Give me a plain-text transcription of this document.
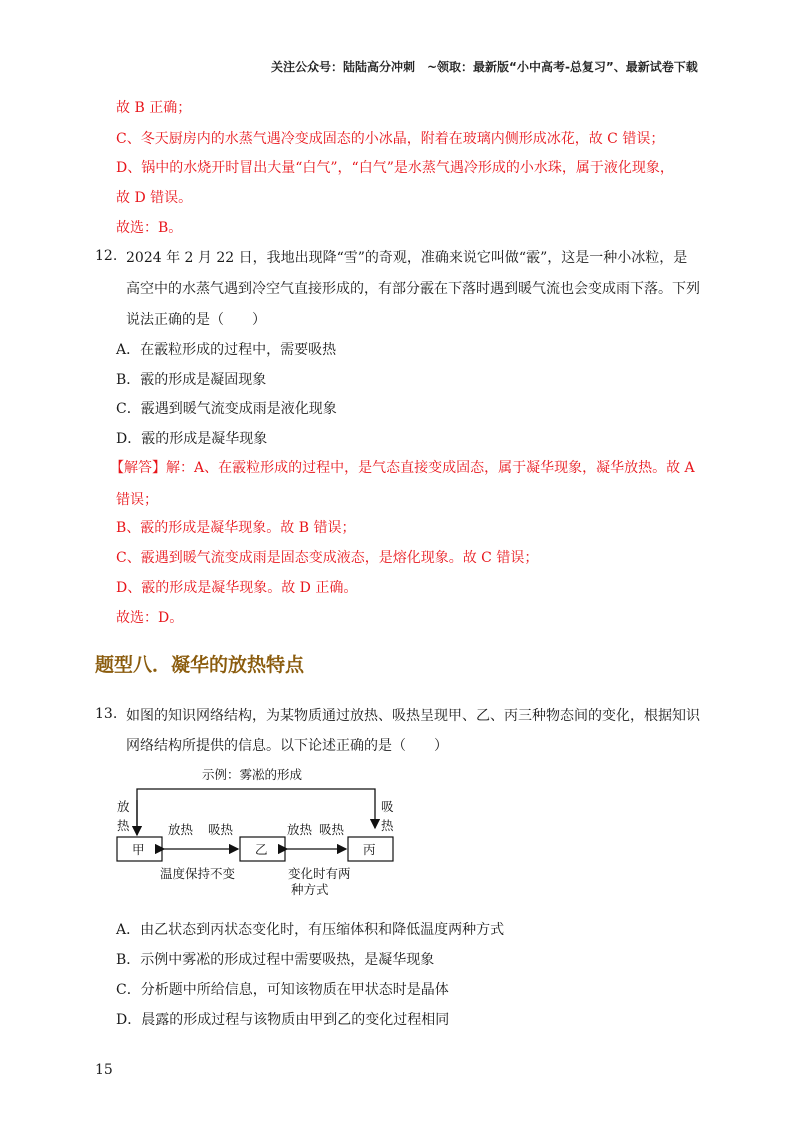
关注公众号：陆陆高分冲刺　~领取：最新版“小中高考-总复习”、最新试卷下载
故 B 正确；
C、冬天厨房内的水蒸气遇冷变成固态的小冰晶，附着在玻璃内侧形成冰花，故 C 错误；
D、锅中的水烧开时冒出大量“白气”，“白气”是水蒸气遇冷形成的小水珠，属于液化现象，
故 D 错误。
故选：B。
12. 2024 年 2 月 22 日，我地出现降“雪”的奇观，准确来说它叫做“霰”，这是一种小冰粒，是
高空中的水蒸气遇到冷空气直接形成的，有部分霰在下落时遇到暖气流也会变成雨下落。下列
说法正确的是（　　）
A．在霰粒形成的过程中，需要吸热
B．霰的形成是凝固现象
C．霰遇到暖气流变成雨是液化现象
D．霰的形成是凝华现象
【解答】解：A、在霰粒形成的过程中，是气态直接变成固态，属于凝华现象，凝华放热。故 A
错误；
B、霰的形成是凝华现象。故 B 错误；
C、霰遇到暖气流变成雨是固态变成液态，是熔化现象。故 C 错误；
D、霰的形成是凝华现象。故 D 正确。
故选：D。
题型八．凝华的放热特点
13. 如图的知识网络结构，为某物质通过放热、吸热呈现甲、乙、丙三种物态间的变化，根据知识
网络结构所提供的信息。以下论述正确的是（　　）
示例：雾凇的形成
放
热
吸
热
甲	乙	丙
放热 吸热	放热 吸热
温度保持不变	变化时有两
种方式
A．由乙状态到丙状态变化时，有压缩体积和降低温度两种方式
B．示例中雾凇的形成过程中需要吸热，是凝华现象
C．分析题中所给信息，可知该物质在甲状态时是晶体
D．晨露的形成过程与该物质由甲到乙的变化过程相同
15
